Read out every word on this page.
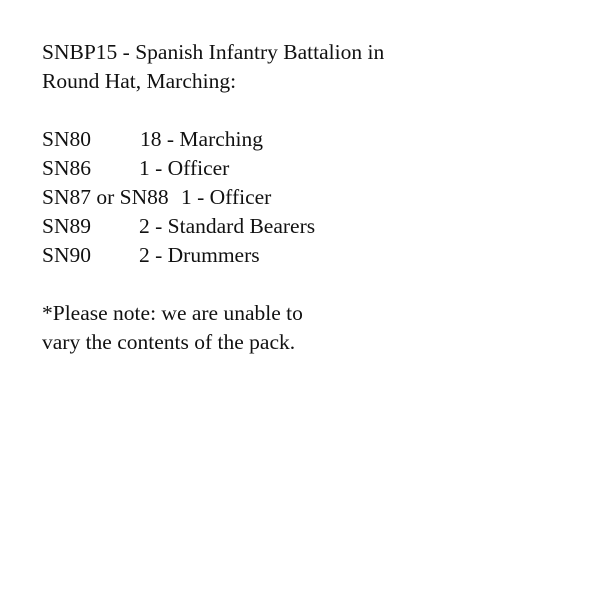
SNBP15 - Spanish Infantry Battalion in
Round Hat, Marching:
SN80 18 - Marching
SN86 1 - Officer
SN87 or SN88 1 - Officer
SN89 2 - Standard Bearers
SN90 2 - Drummers
*Please note: we are unable to
vary the contents of the pack.
